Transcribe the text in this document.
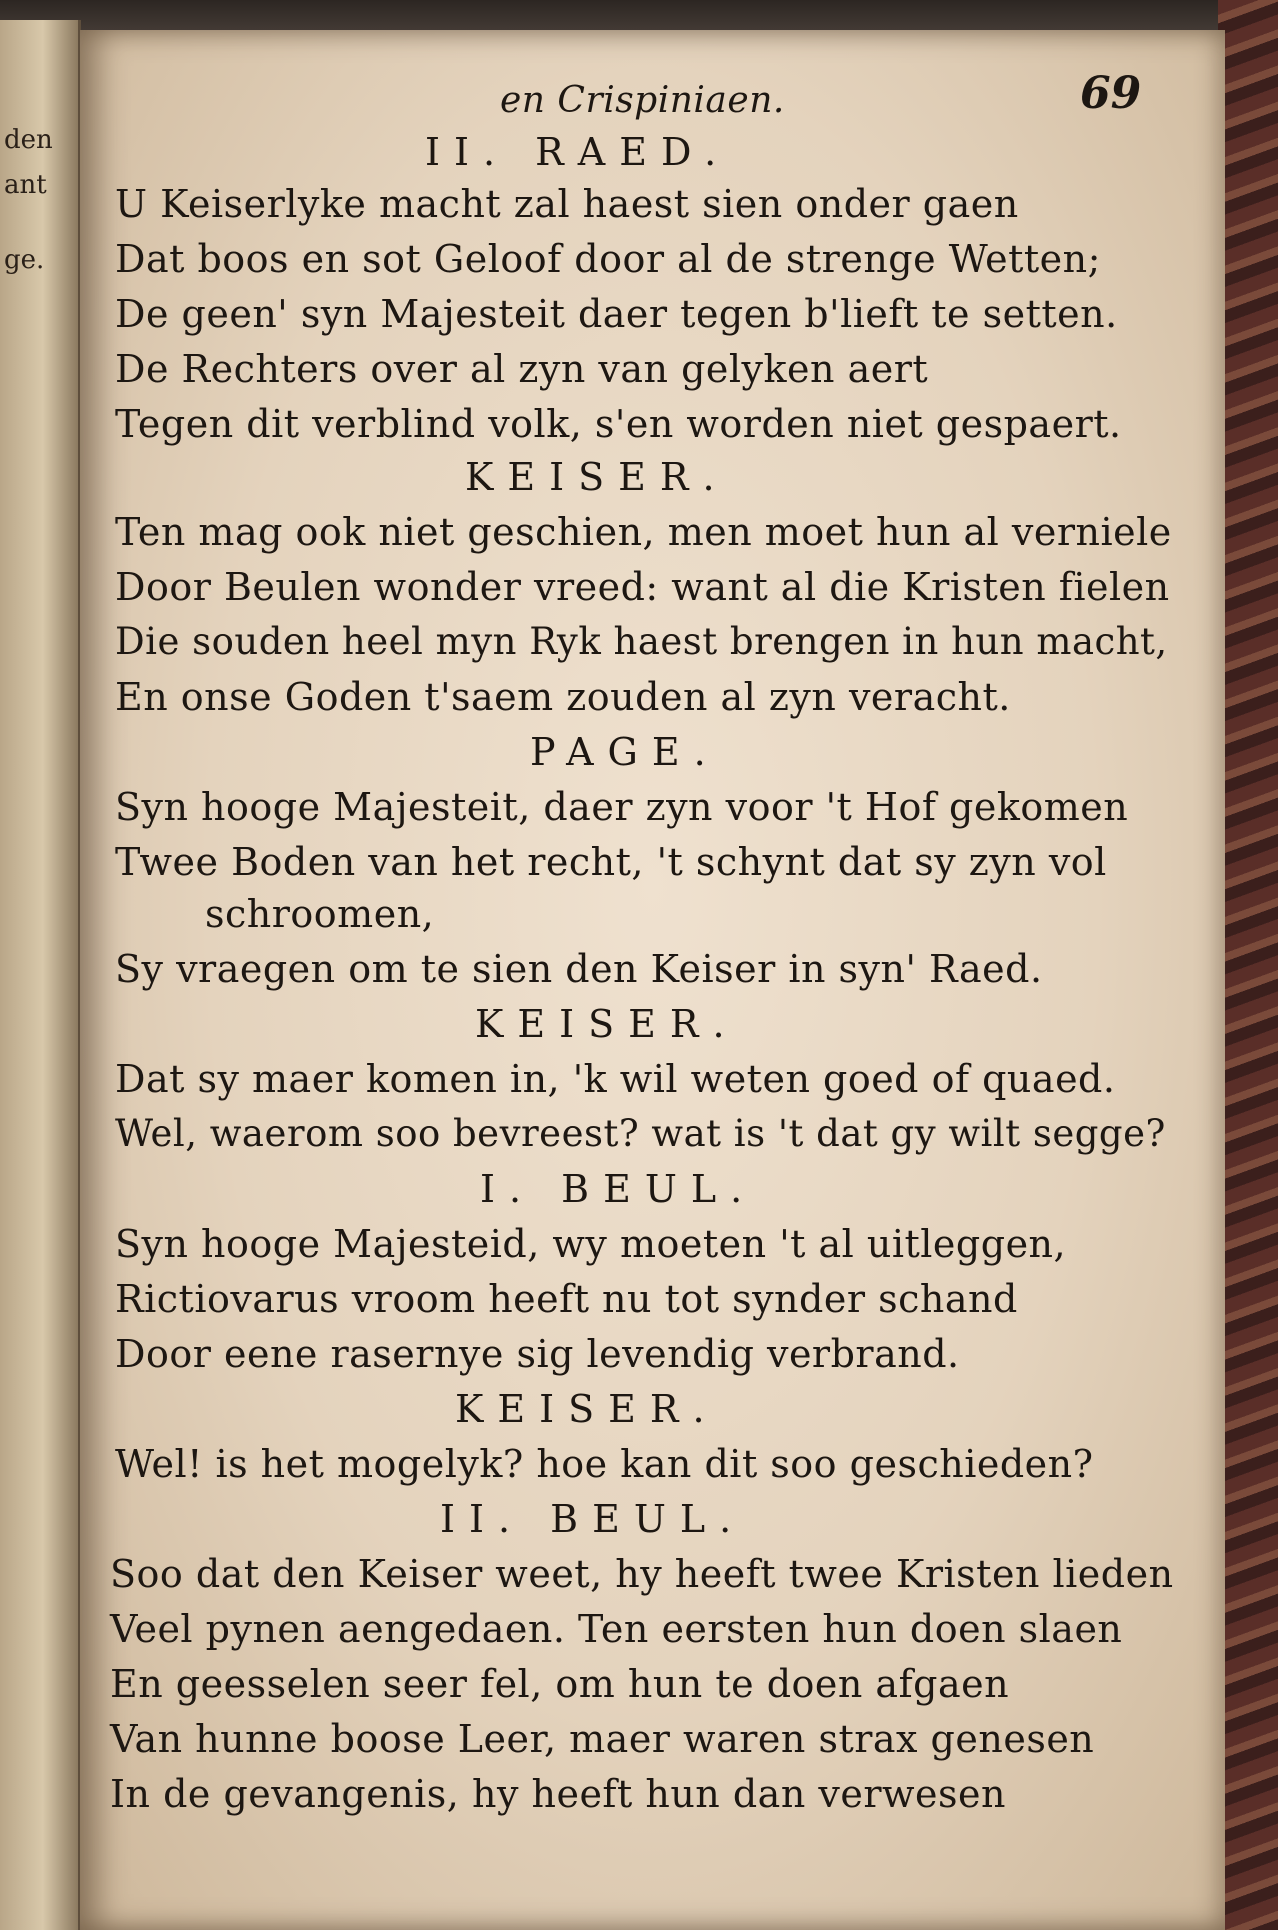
den
ant
ge.
en Crispiniaen.	69
II. RAED.
U Keiserlyke macht zal haest sien onder gaen
Dat boos en sot Geloof door al de strenge Wetten;
De geen' syn Majesteit daer tegen b'lieft te setten.
De Rechters over al zyn van gelyken aert
Tegen dit verblind volk, s'en worden niet gespaert.
KEISER.
Ten mag ook niet geschien, men moet hun al verniele
Door Beulen wonder vreed: want al die Kristen fielen
Die souden heel myn Ryk haest brengen in hun macht,
En onse Goden t'saem zouden al zyn veracht.
PAGE.
Syn hooge Majesteit, daer zyn voor 't Hof gekomen
Twee Boden van het recht, 't schynt dat sy zyn vol
schroomen,
Sy vraegen om te sien den Keiser in syn' Raed.
KEISER.
Dat sy maer komen in, 'k wil weten goed of quaed.
Wel, waerom soo bevreest? wat is 't dat gy wilt segge?
I. BEUL.
Syn hooge Majesteid, wy moeten 't al uitleggen,
Rictiovarus vroom heeft nu tot synder schand
Door eene rasernye sig levendig verbrand.
KEISER.
Wel! is het mogelyk? hoe kan dit soo geschieden?
II. BEUL.
Soo dat den Keiser weet, hy heeft twee Kristen lieden
Veel pynen aengedaen. Ten eersten hun doen slaen
En geesselen seer fel, om hun te doen afgaen
Van hunne boose Leer, maer waren strax genesen
In de gevangenis, hy heeft hun dan verwesen
